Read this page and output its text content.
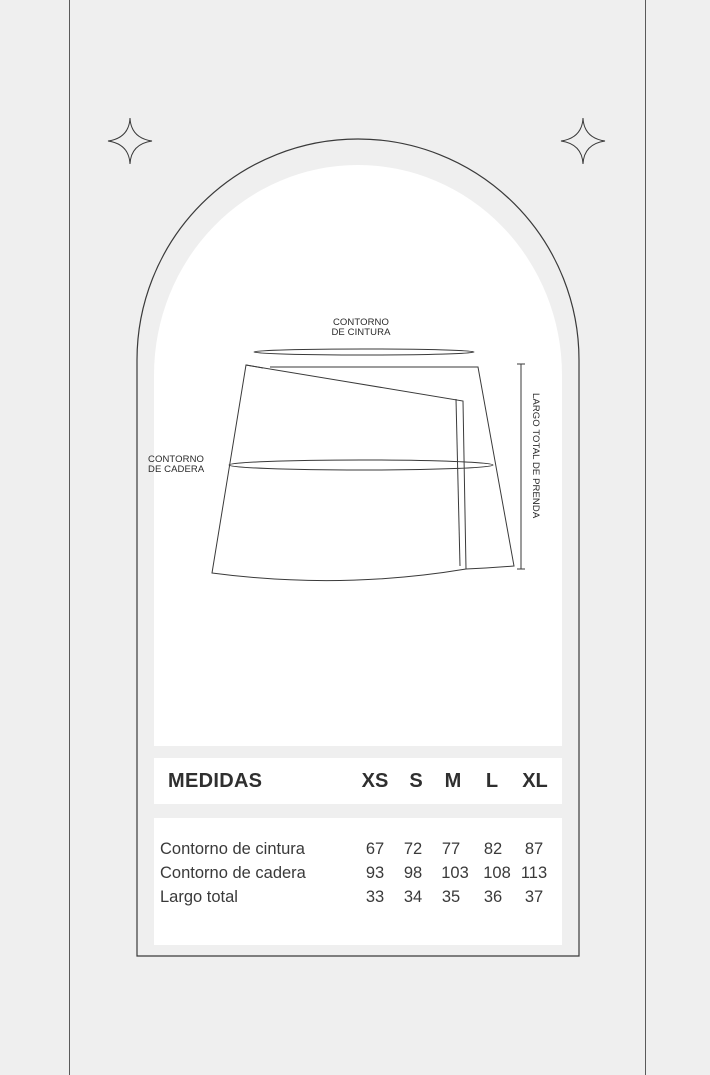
CONTORNO
DE CINTURA
CONTORNO
DE CADERA	LARGO TOTAL DE PRENDA
MEDIDAS	XS	S	M	L	XL
Contorno de cintura	67	72	77	82	87
Contorno de cadera	93	98	103 108 113
Largo total	33	34	35	36	37
